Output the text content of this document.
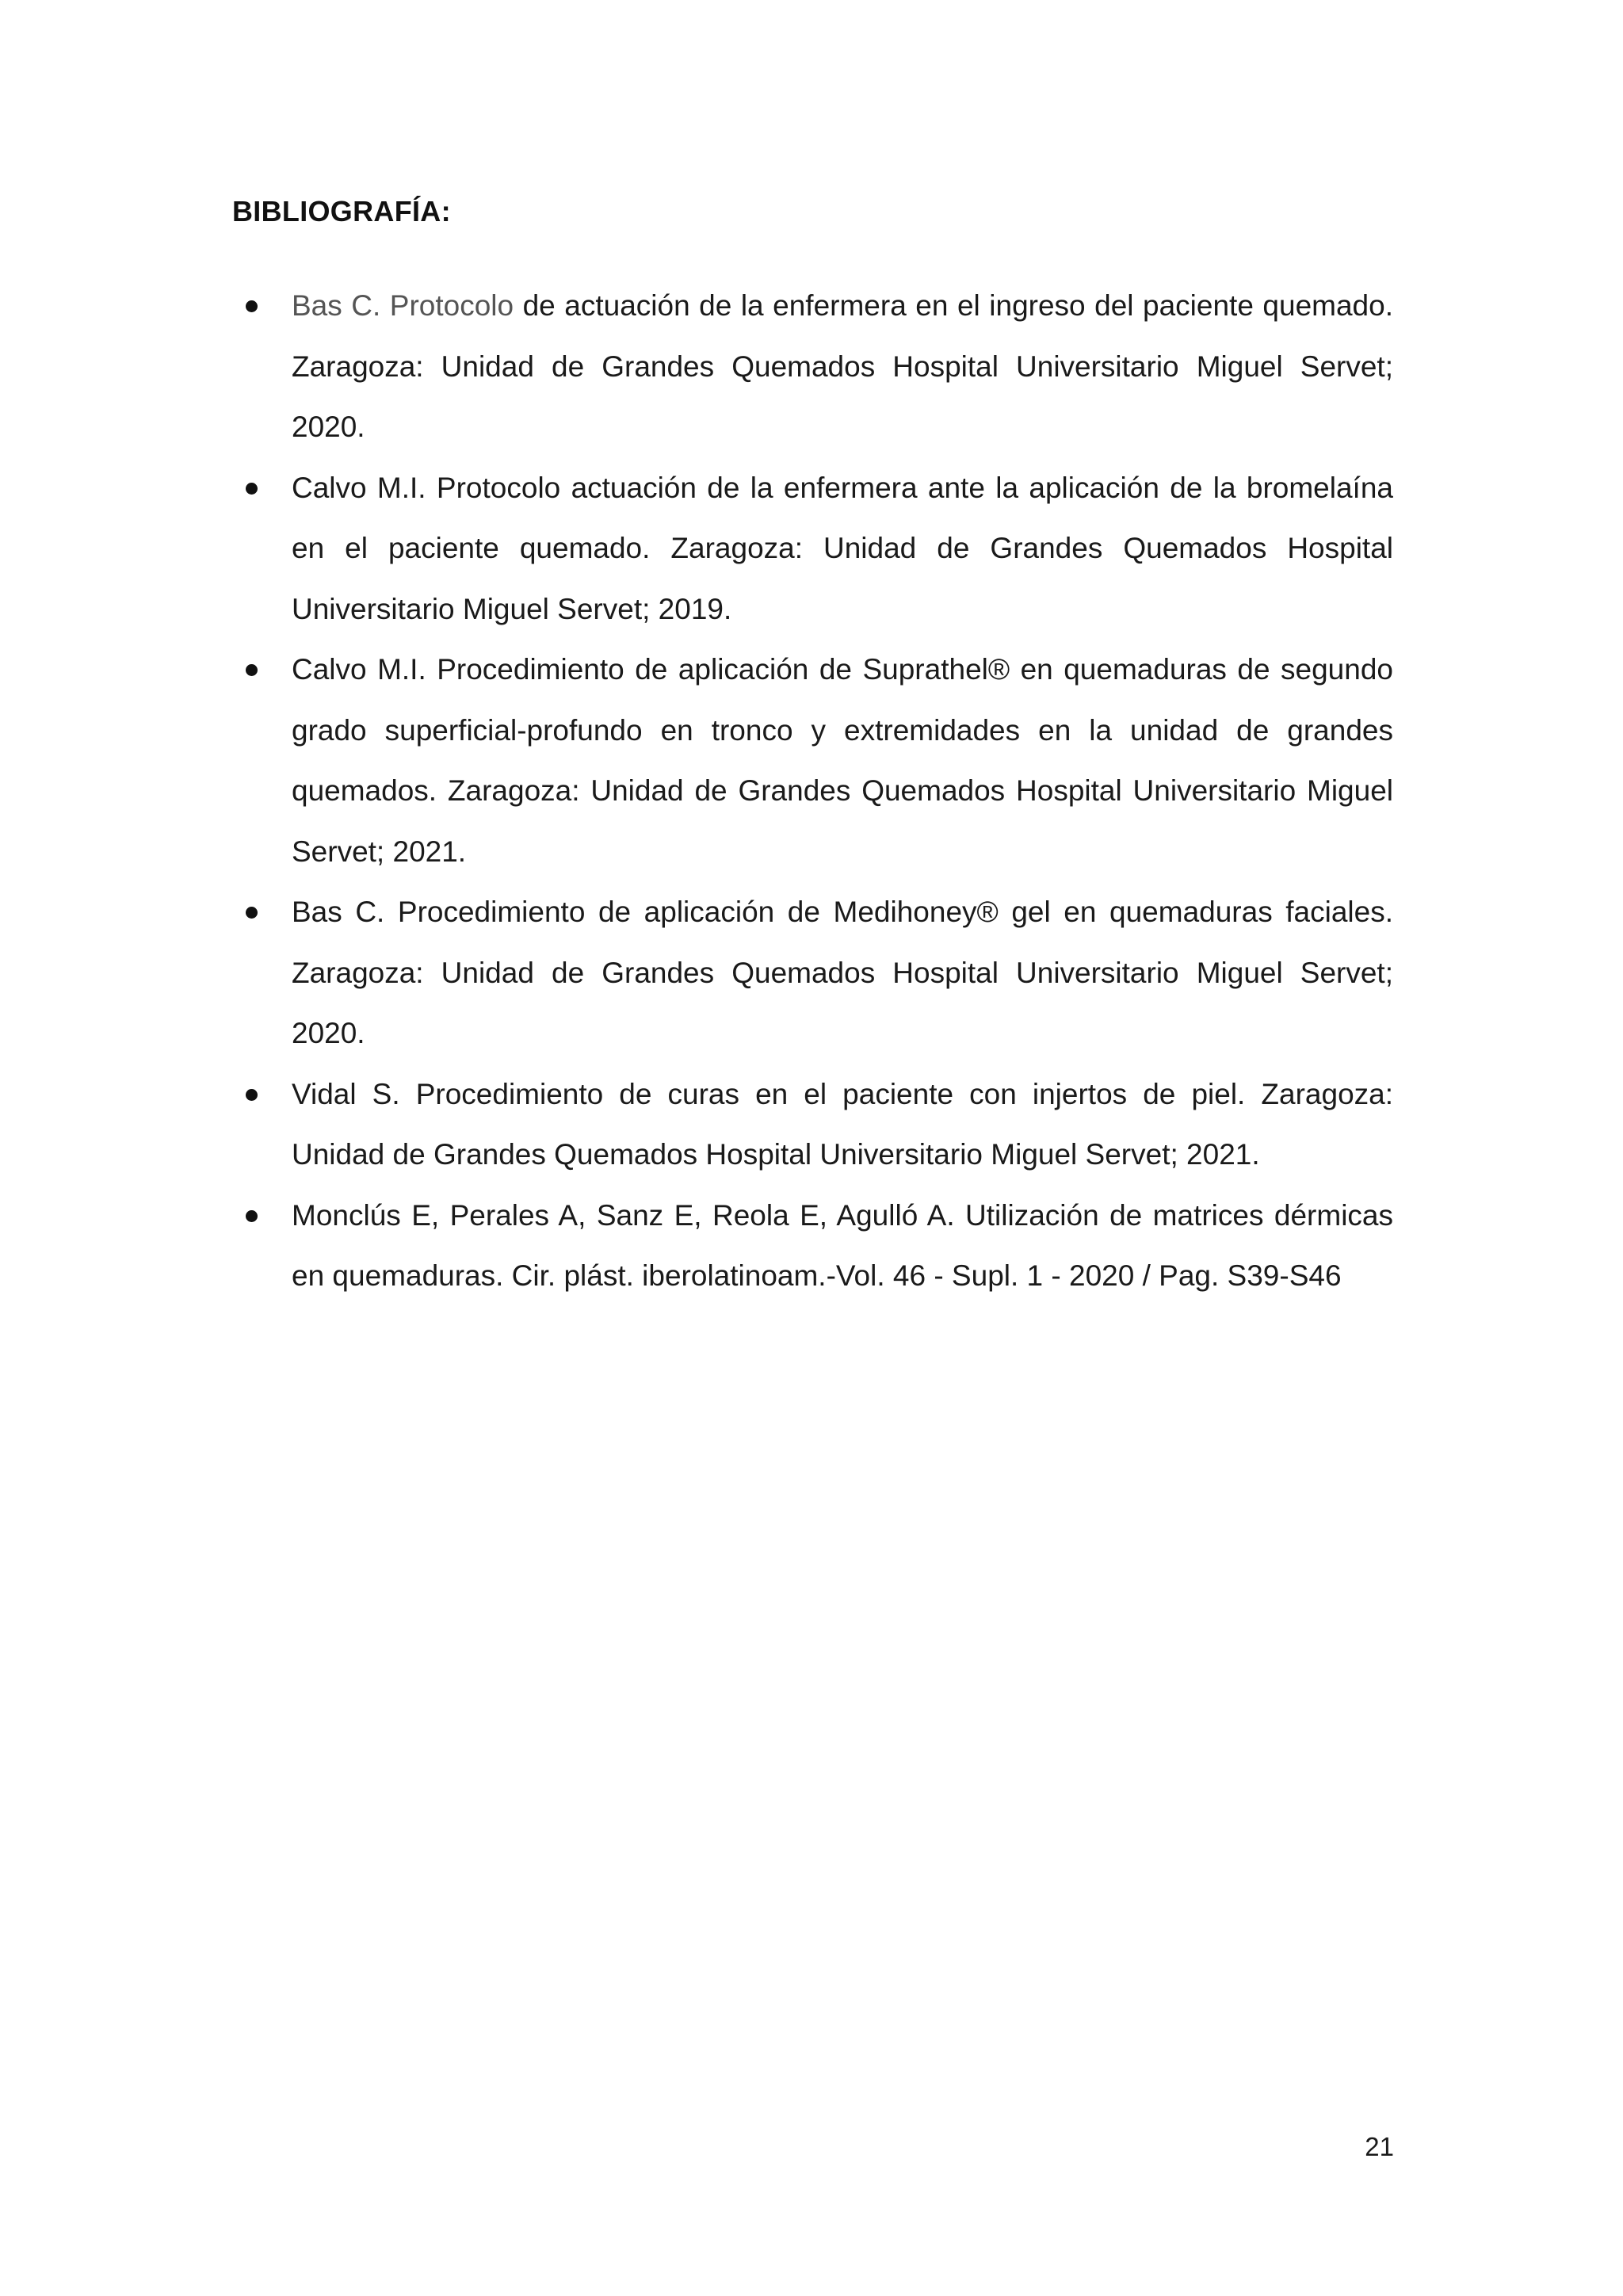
BIBLIOGRAFÍA:
Bas C. Protocolo de actuación de la enfermera en el ingreso del paciente quemado. Zaragoza: Unidad de Grandes Quemados Hospital Universitario Miguel Servet; 2020.
Calvo M.I. Protocolo actuación de la enfermera ante la aplicación de la bromelaína en el paciente quemado. Zaragoza: Unidad de Grandes Quemados Hospital Universitario Miguel Servet; 2019.
Calvo M.I. Procedimiento de aplicación de Suprathel® en quemaduras de segundo grado superficial-profundo en tronco y extremidades en la unidad de grandes quemados. Zaragoza: Unidad de Grandes Quemados Hospital Universitario Miguel Servet; 2021.
Bas C. Procedimiento de aplicación de Medihoney® gel en quemaduras faciales. Zaragoza: Unidad de Grandes Quemados Hospital Universitario Miguel Servet; 2020.
Vidal S. Procedimiento de curas en el paciente con injertos de piel. Zaragoza: Unidad de Grandes Quemados Hospital Universitario Miguel Servet; 2021.
Monclús E, Perales A, Sanz E, Reola E, Agulló A. Utilización de matrices dérmicas en quemaduras. Cir. plást. iberolatinoam.-Vol. 46 - Supl. 1 - 2020 / Pag. S39-S46
21
